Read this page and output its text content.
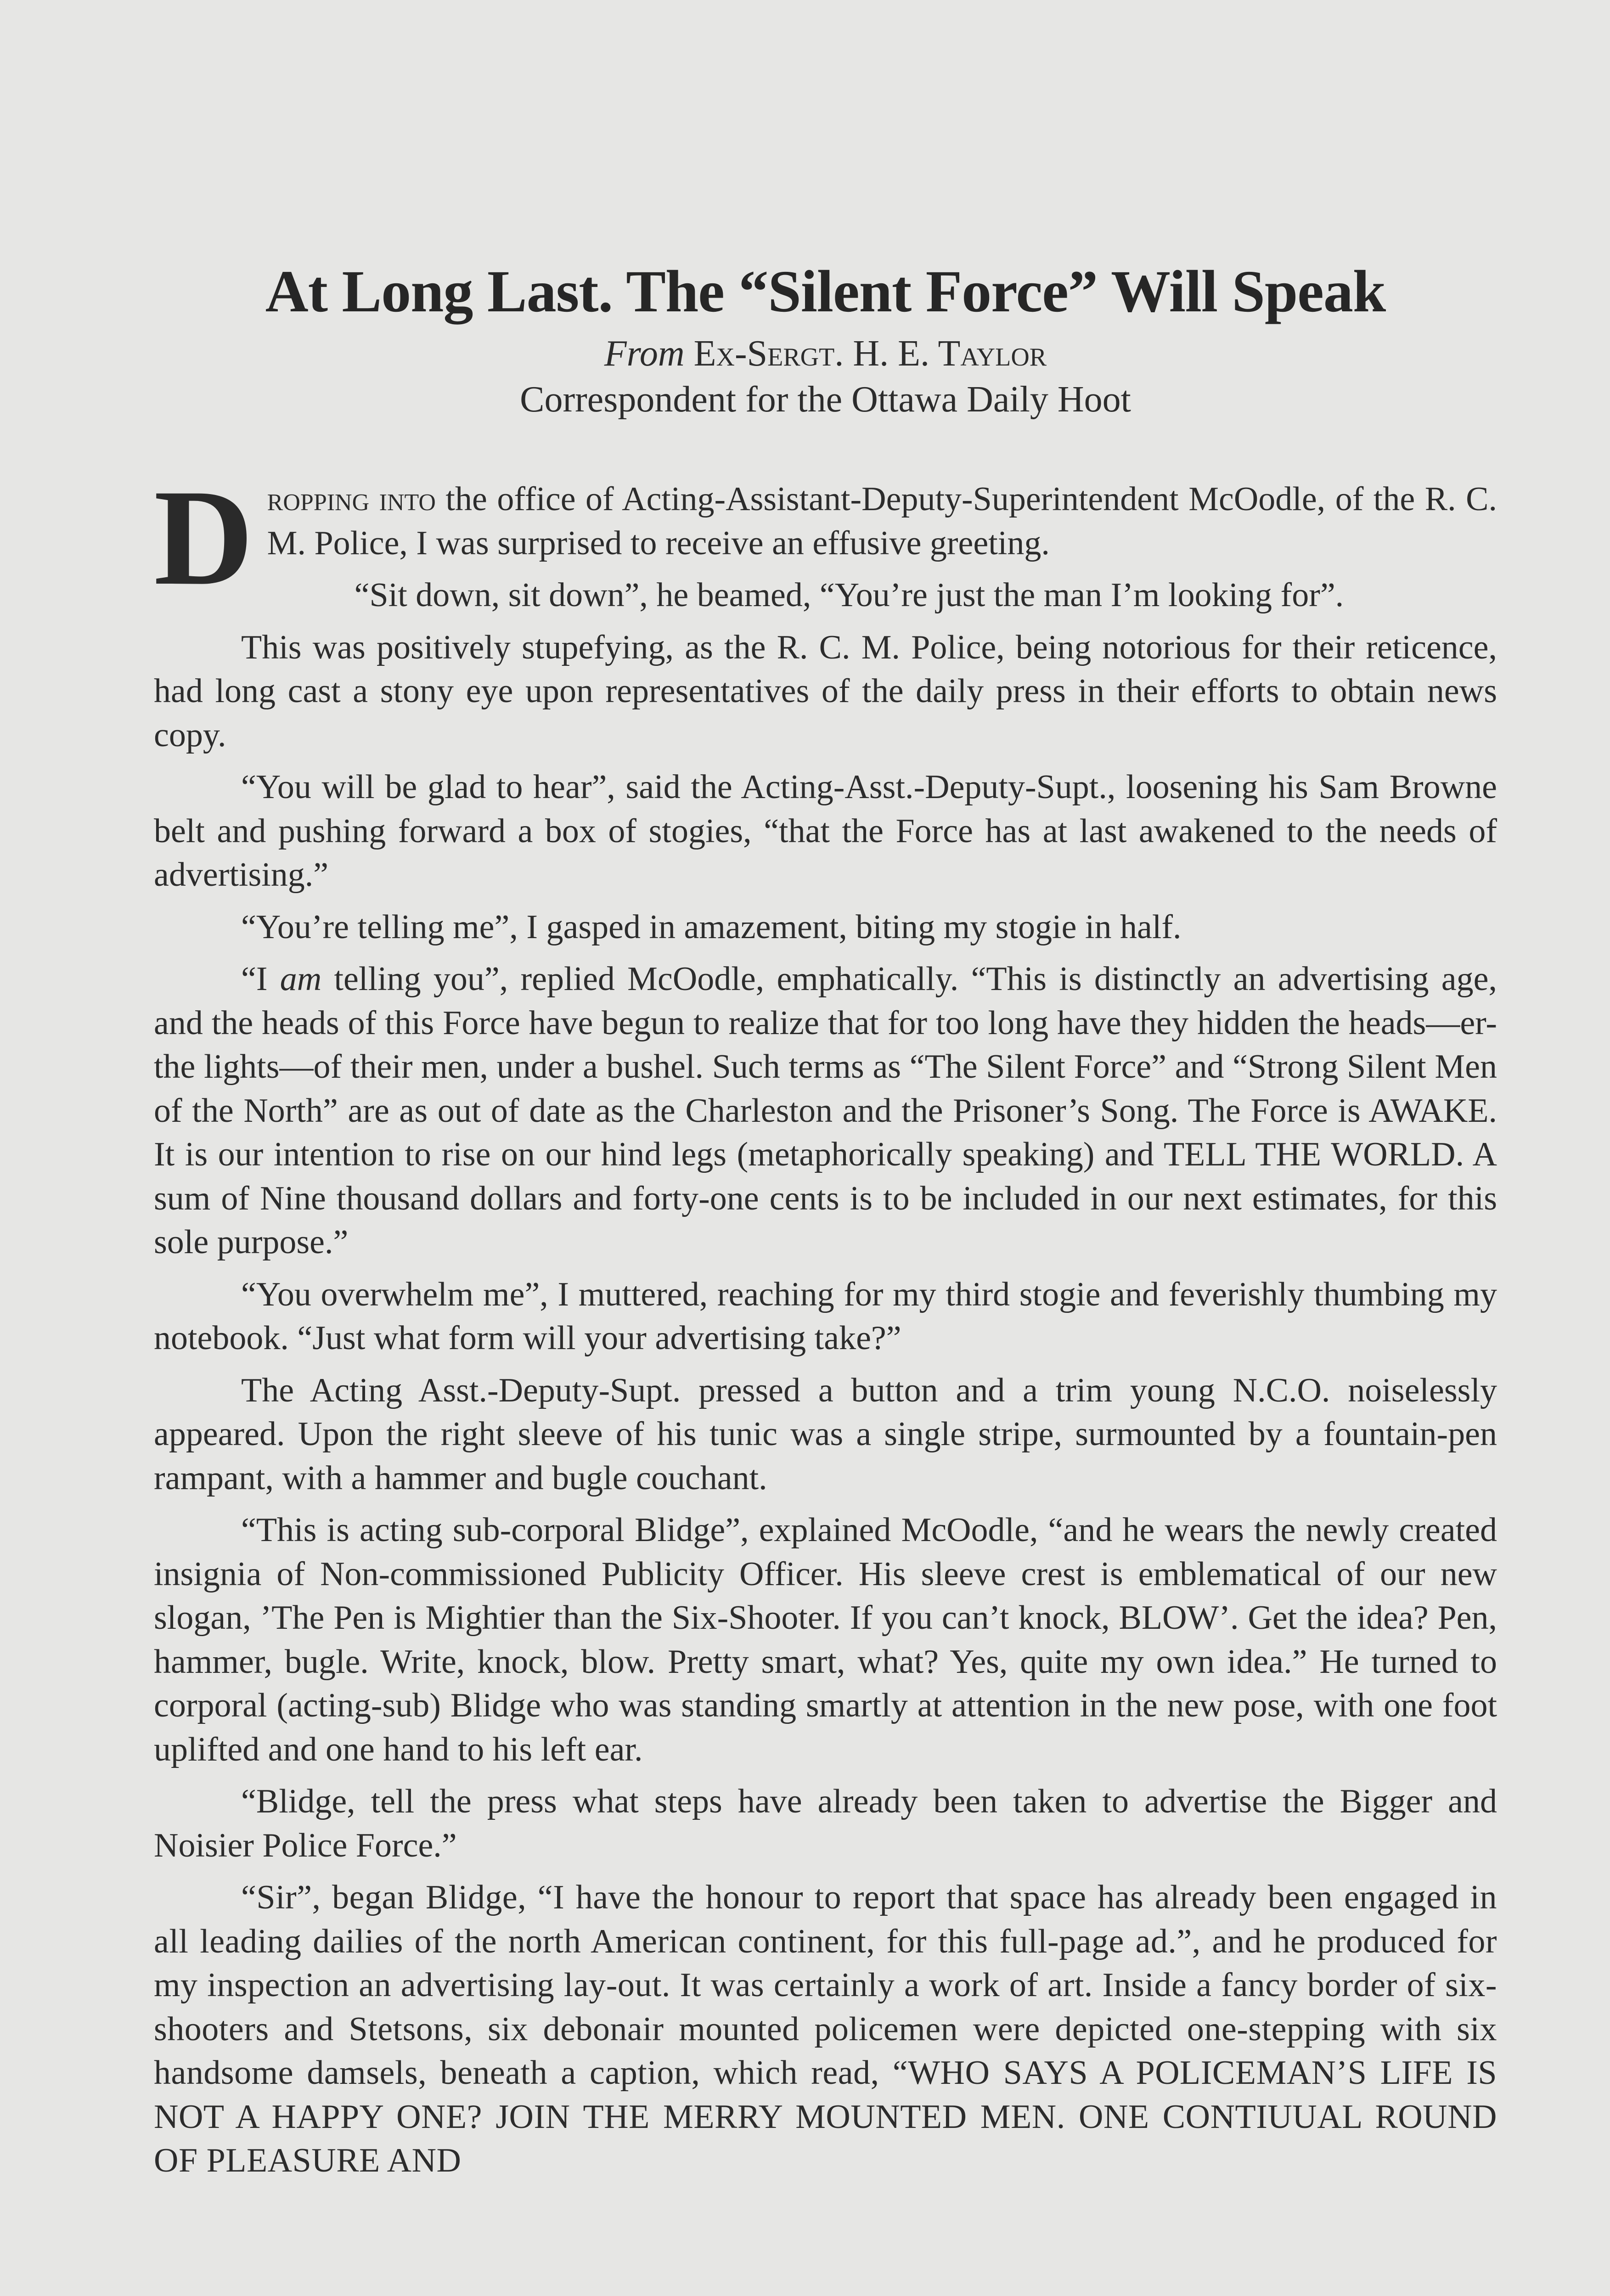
At Long Last. The “Silent Force” Will Speak
From Ex-Sergt. H. E. Taylor
Correspondent for the Ottawa Daily Hoot

Dropping into the office of Acting-Assistant-Deputy-Superintendent McOodle, of the R. C. M. Police, I was surprised to receive an effusive greeting.

“Sit down, sit down”, he beamed, “You’re just the man I’m looking for”.

This was positively stupefying, as the R. C. M. Police, being notorious for their reticence, had long cast a stony eye upon representatives of the daily press in their efforts to obtain news copy.

“You will be glad to hear”, said the Acting-Asst.-Deputy-Supt., loosening his Sam Browne belt and pushing forward a box of stogies, “that the Force has at last awakened to the needs of advertising.”

“You’re telling me”, I gasped in amazement, biting my stogie in half.

“I am telling you”, replied McOodle, emphatically. “This is distinctly an advertising age, and the heads of this Force have begun to realize that for too long have they hidden the heads—er-the lights—of their men, under a bushel. Such terms as “The Silent Force” and “Strong Silent Men of the North” are as out of date as the Charleston and the Prisoner’s Song. The Force is AWAKE. It is our intention to rise on our hind legs (metaphorically speaking) and TELL THE WORLD. A sum of Nine thousand dollars and forty-one cents is to be included in our next estimates, for this sole purpose.”

“You overwhelm me”, I muttered, reaching for my third stogie and feverishly thumbing my notebook. “Just what form will your advertising take?”

The Acting Asst.-Deputy-Supt. pressed a button and a trim young N.C.O. noiselessly appeared. Upon the right sleeve of his tunic was a single stripe, surmounted by a fountain-pen rampant, with a hammer and bugle couchant.

“This is acting sub-corporal Blidge”, explained McOodle, “and he wears the newly created insignia of Non-commissioned Publicity Officer. His sleeve crest is emblematical of our new slogan, ’The Pen is Mightier than the Six-Shooter. If you can’t knock, BLOW’. Get the idea? Pen, hammer, bugle. Write, knock, blow. Pretty smart, what? Yes, quite my own idea.” He turned to corporal (acting-sub) Blidge who was standing smartly at attention in the new pose, with one foot uplifted and one hand to his left ear.

“Blidge, tell the press what steps have already been taken to advertise the Bigger and Noisier Police Force.”

“Sir”, began Blidge, “I have the honour to report that space has already been engaged in all leading dailies of the north American continent, for this full-page ad.”, and he produced for my inspection an advertising lay-out. It was certainly a work of art. Inside a fancy border of six-shooters and Stetsons, six debonair mounted policemen were depicted one-stepping with six handsome damsels, beneath a caption, which read, “WHO SAYS A POLICEMAN’S LIFE IS NOT A HAPPY ONE? JOIN THE MERRY MOUNTED MEN. ONE CONTIUUAL ROUND OF PLEASURE AND
